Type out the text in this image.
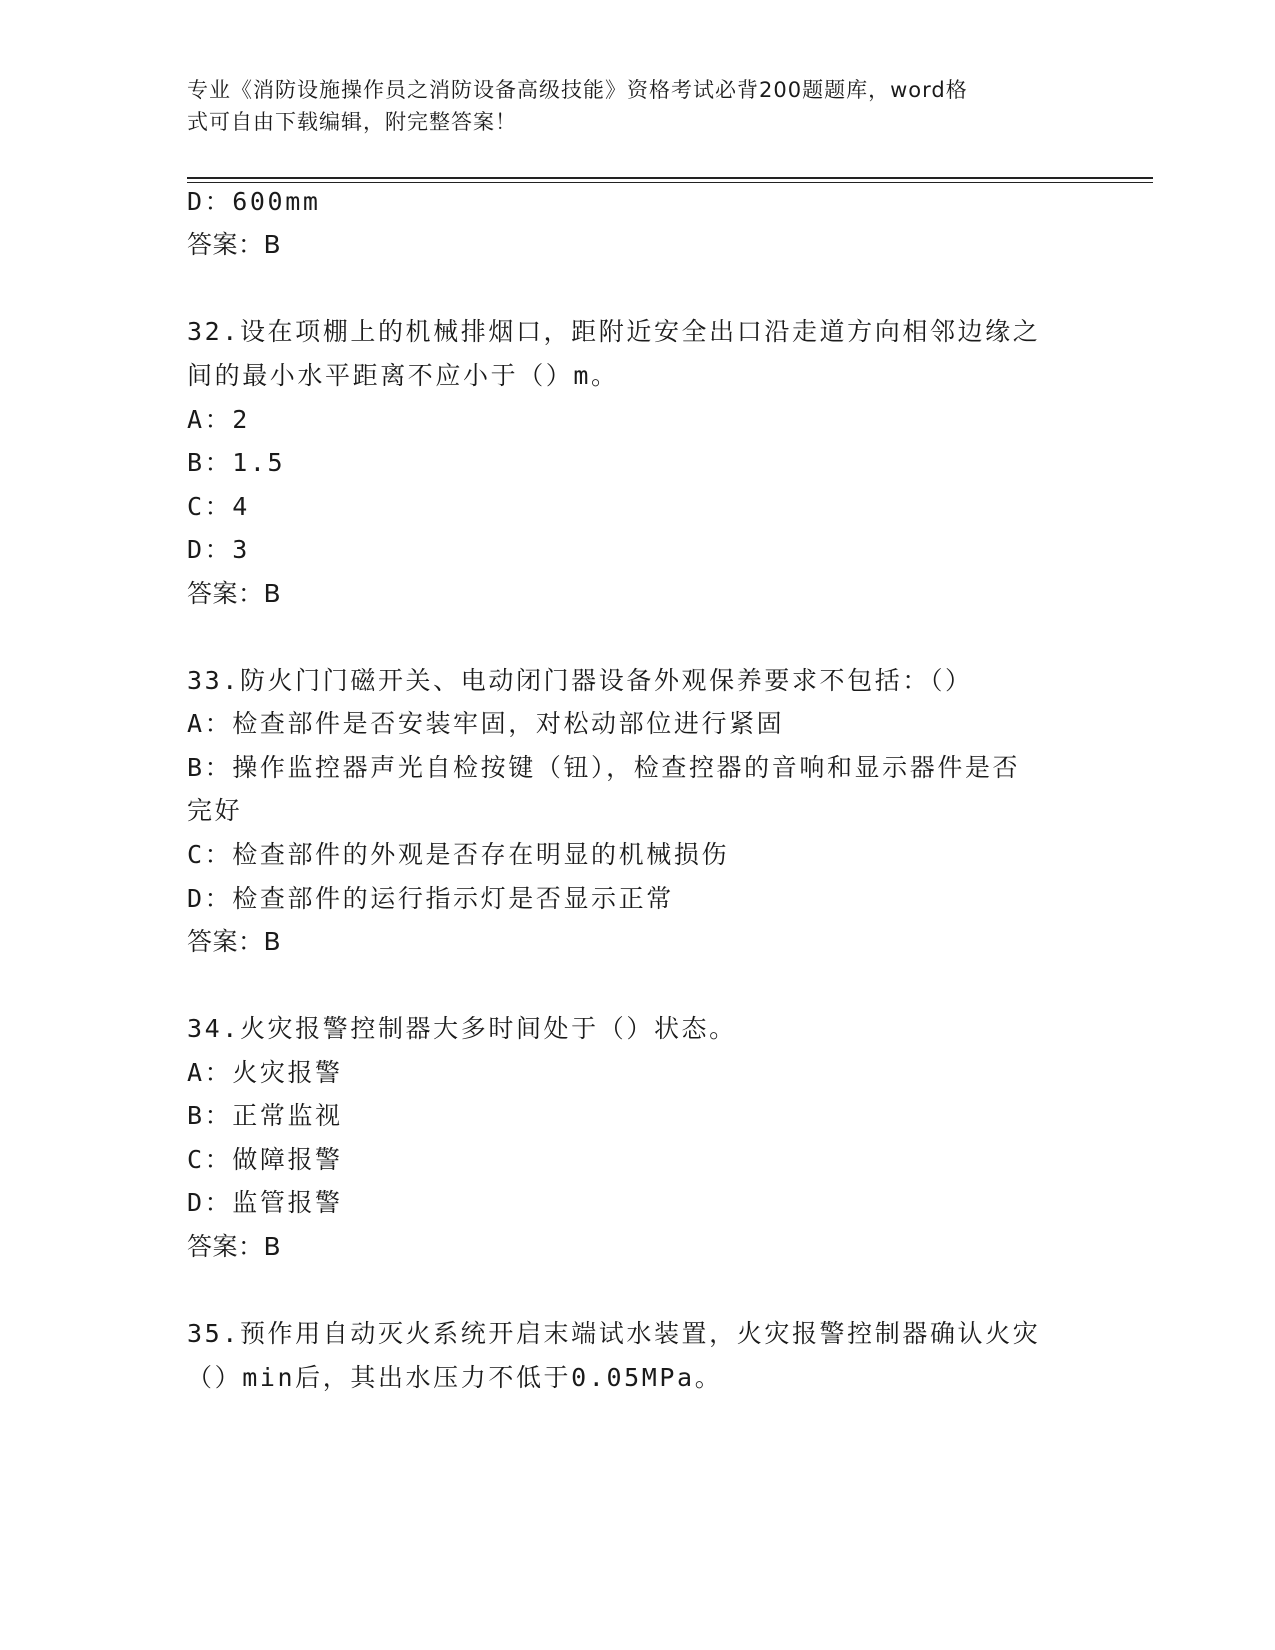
专业《消防设施操作员之消防设备高级技能》资格考试必背200题题库，word格
式可自由下载编辑，附完整答案！
D：600mm
答案：B
32.设在项棚上的机械排烟口，距附近安全出口沿走道方向相邻边缘之
间的最小水平距离不应小于（）m。
A：2
B：1.5
C：4
D：3
答案：B
33.防火门门磁开关、电动闭门器设备外观保养要求不包括：（）
A：检查部件是否安装牢固，对松动部位进行紧固
B：操作监控器声光自检按键（钮），检查控器的音响和显示器件是否
完好
C：检查部件的外观是否存在明显的机械损伤
D：检查部件的运行指示灯是否显示正常
答案：B
34.火灾报警控制器大多时间处于（）状态。
A：火灾报警
B：正常监视
C：做障报警
D：监管报警
答案：B
35.预作用自动灭火系统开启末端试水装置，火灾报警控制器确认火灾
（）min后，其出水压力不低于0.05MPa。
